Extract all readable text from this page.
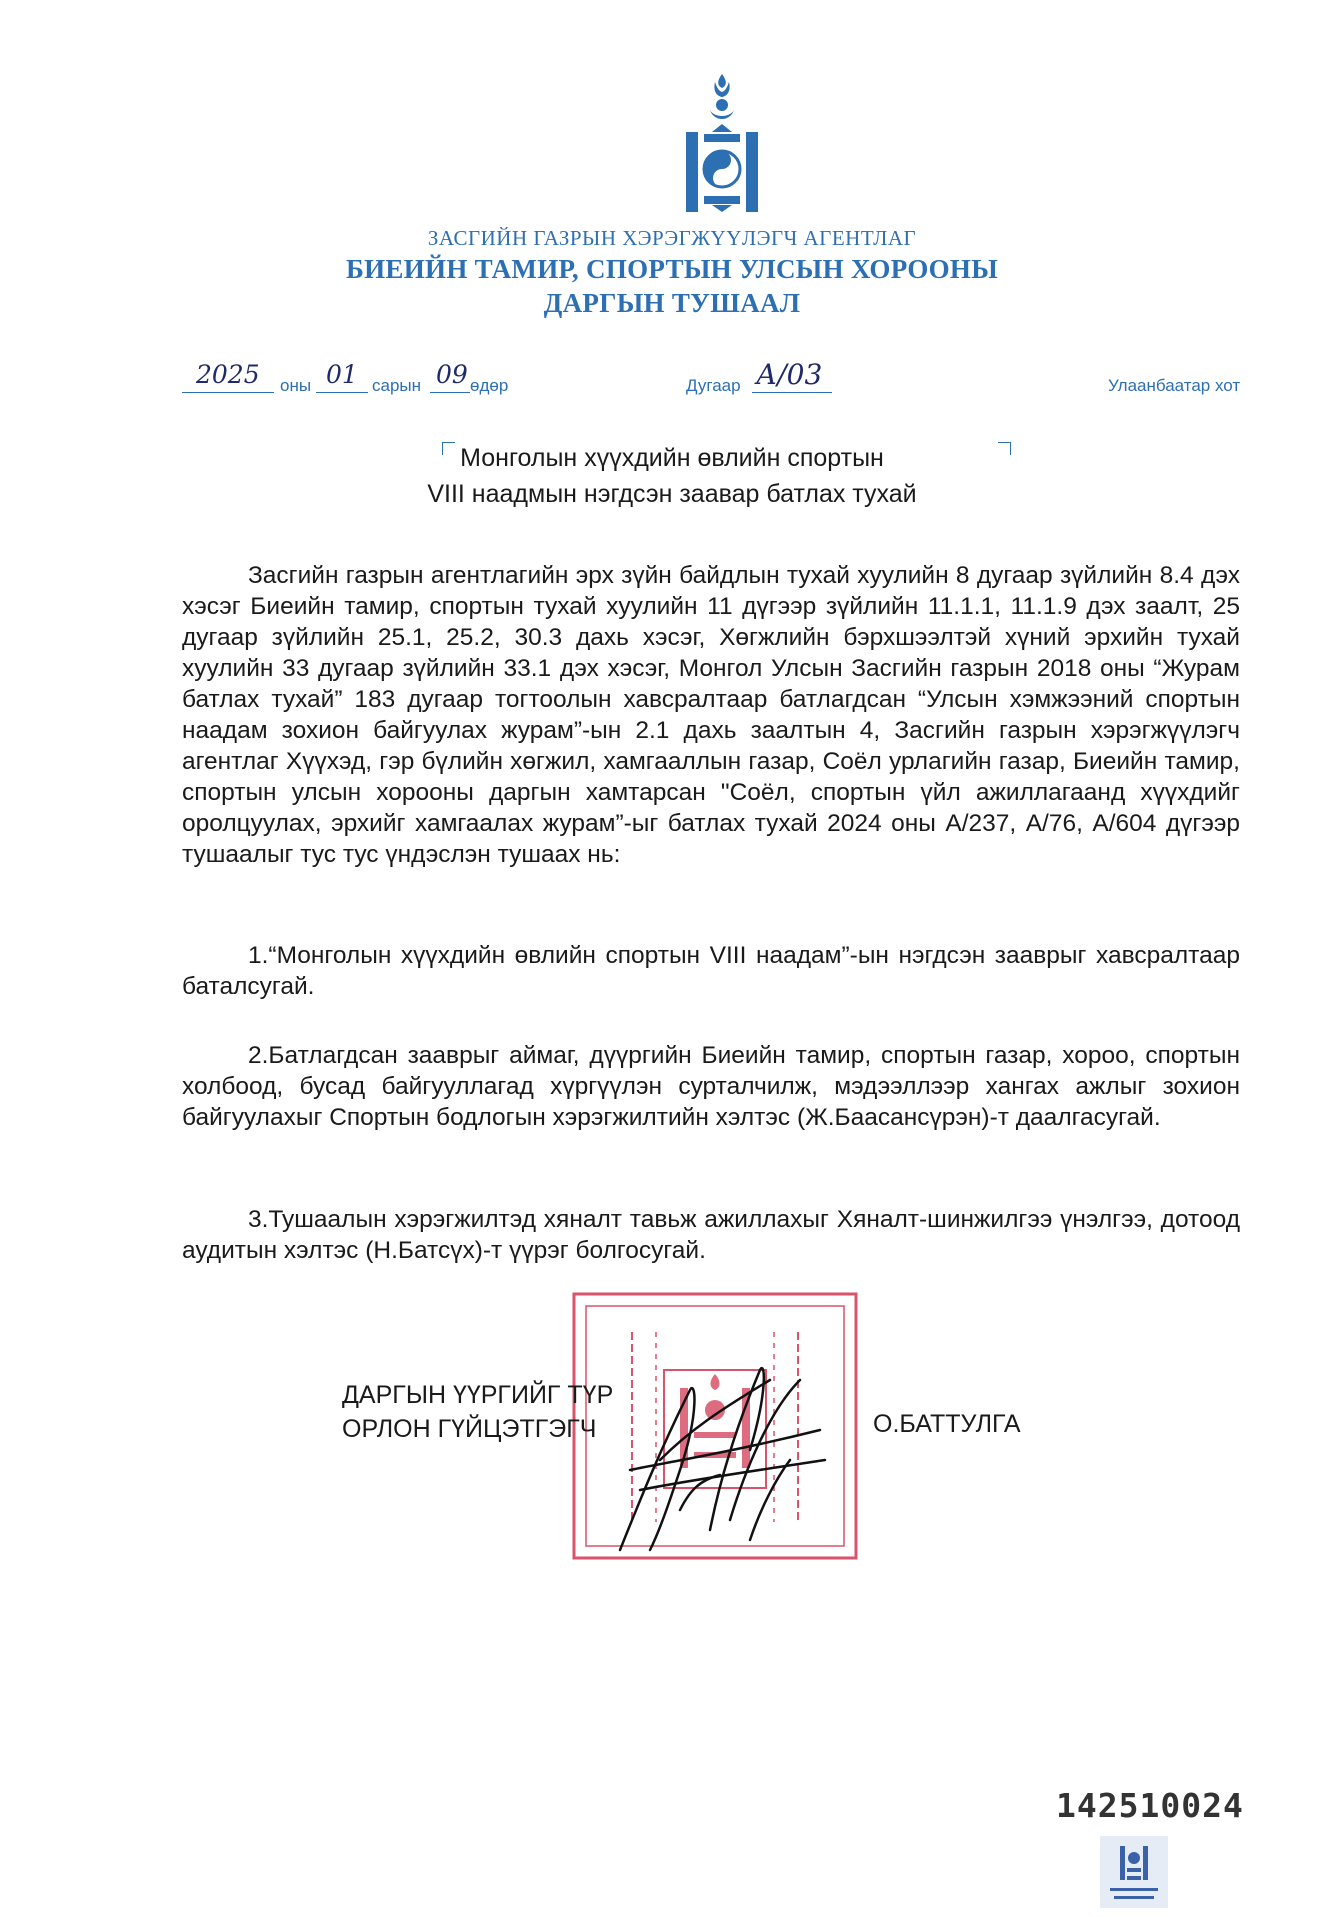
ЗАСГИЙН ГАЗРЫН ХЭРЭГЖҮҮЛЭГЧ АГЕНТЛАГ
БИЕИЙН ТАМИР, СПОРТЫН УЛСЫН ХОРООНЫ
ДАРГЫН ТУШААЛ
2025 оны 01 сарын 09 өдөр	Дугаар А/03	Улаанбаатар хот
Монголын хүүхдийн өвлийн спортын
VIII наадмын нэгдсэн заавар батлах тухай

Засгийн газрын агентлагийн эрх зүйн байдлын тухай хуулийн 8 дугаар зүйлийн 8.4 дэх хэсэг Биеийн тамир, спортын тухай хуулийн 11 дүгээр зүйлийн 11.1.1, 11.1.9 дэх заалт, 25 дугаар зүйлийн 25.1, 25.2, 30.3 дахь хэсэг, Хөгжлийн бэрхшээлтэй хүний эрхийн тухай хуулийн 33 дугаар зүйлийн 33.1 дэх хэсэг, Монгол Улсын Засгийн газрын 2018 оны “Журам батлах тухай” 183 дугаар тогтоолын хавсралтаар батлагдсан “Улсын хэмжээний спортын наадам зохион байгуулах журам”-ын 2.1 дахь заалтын 4, Засгийн газрын хэрэгжүүлэгч агентлаг Хүүхэд, гэр бүлийн хөгжил, хамгааллын газар, Соёл урлагийн газар, Биеийн тамир, спортын улсын хорооны даргын хамтарсан "Соёл, спортын үйл ажиллагаанд хүүхдийг оролцуулах, эрхийг хамгаалах журам”-ыг батлах тухай 2024 оны А/237, А/76, А/604 дүгээр тушаалыг тус тус үндэслэн тушаах нь:

1.“Монголын хүүхдийн өвлийн спортын VIII наадам”-ын нэгдсэн зааврыг хавсралтаар баталсугай.

2.Батлагдсан зааврыг аймаг, дүүргийн Биеийн тамир, спортын газар, хороо, спортын холбоод, бусад байгууллагад хүргүүлэн сурталчилж, мэдээллээр хангах ажлыг зохион байгуулахыг Спортын бодлогын хэрэгжилтийн хэлтэс (Ж.Баасансүрэн)-т даалгасугай.

3.Тушаалын хэрэгжилтэд хяналт тавьж ажиллахыг Хяналт-шинжилгээ үнэлгээ, дотоод аудитын хэлтэс (Н.Батсүх)-т үүрэг болгосугай.

ДАРГЫН ҮҮРГИЙГ ТҮР
ОРЛОН ГҮЙЦЭТГЭГЧ	О.БАТТУЛГА
142510024
